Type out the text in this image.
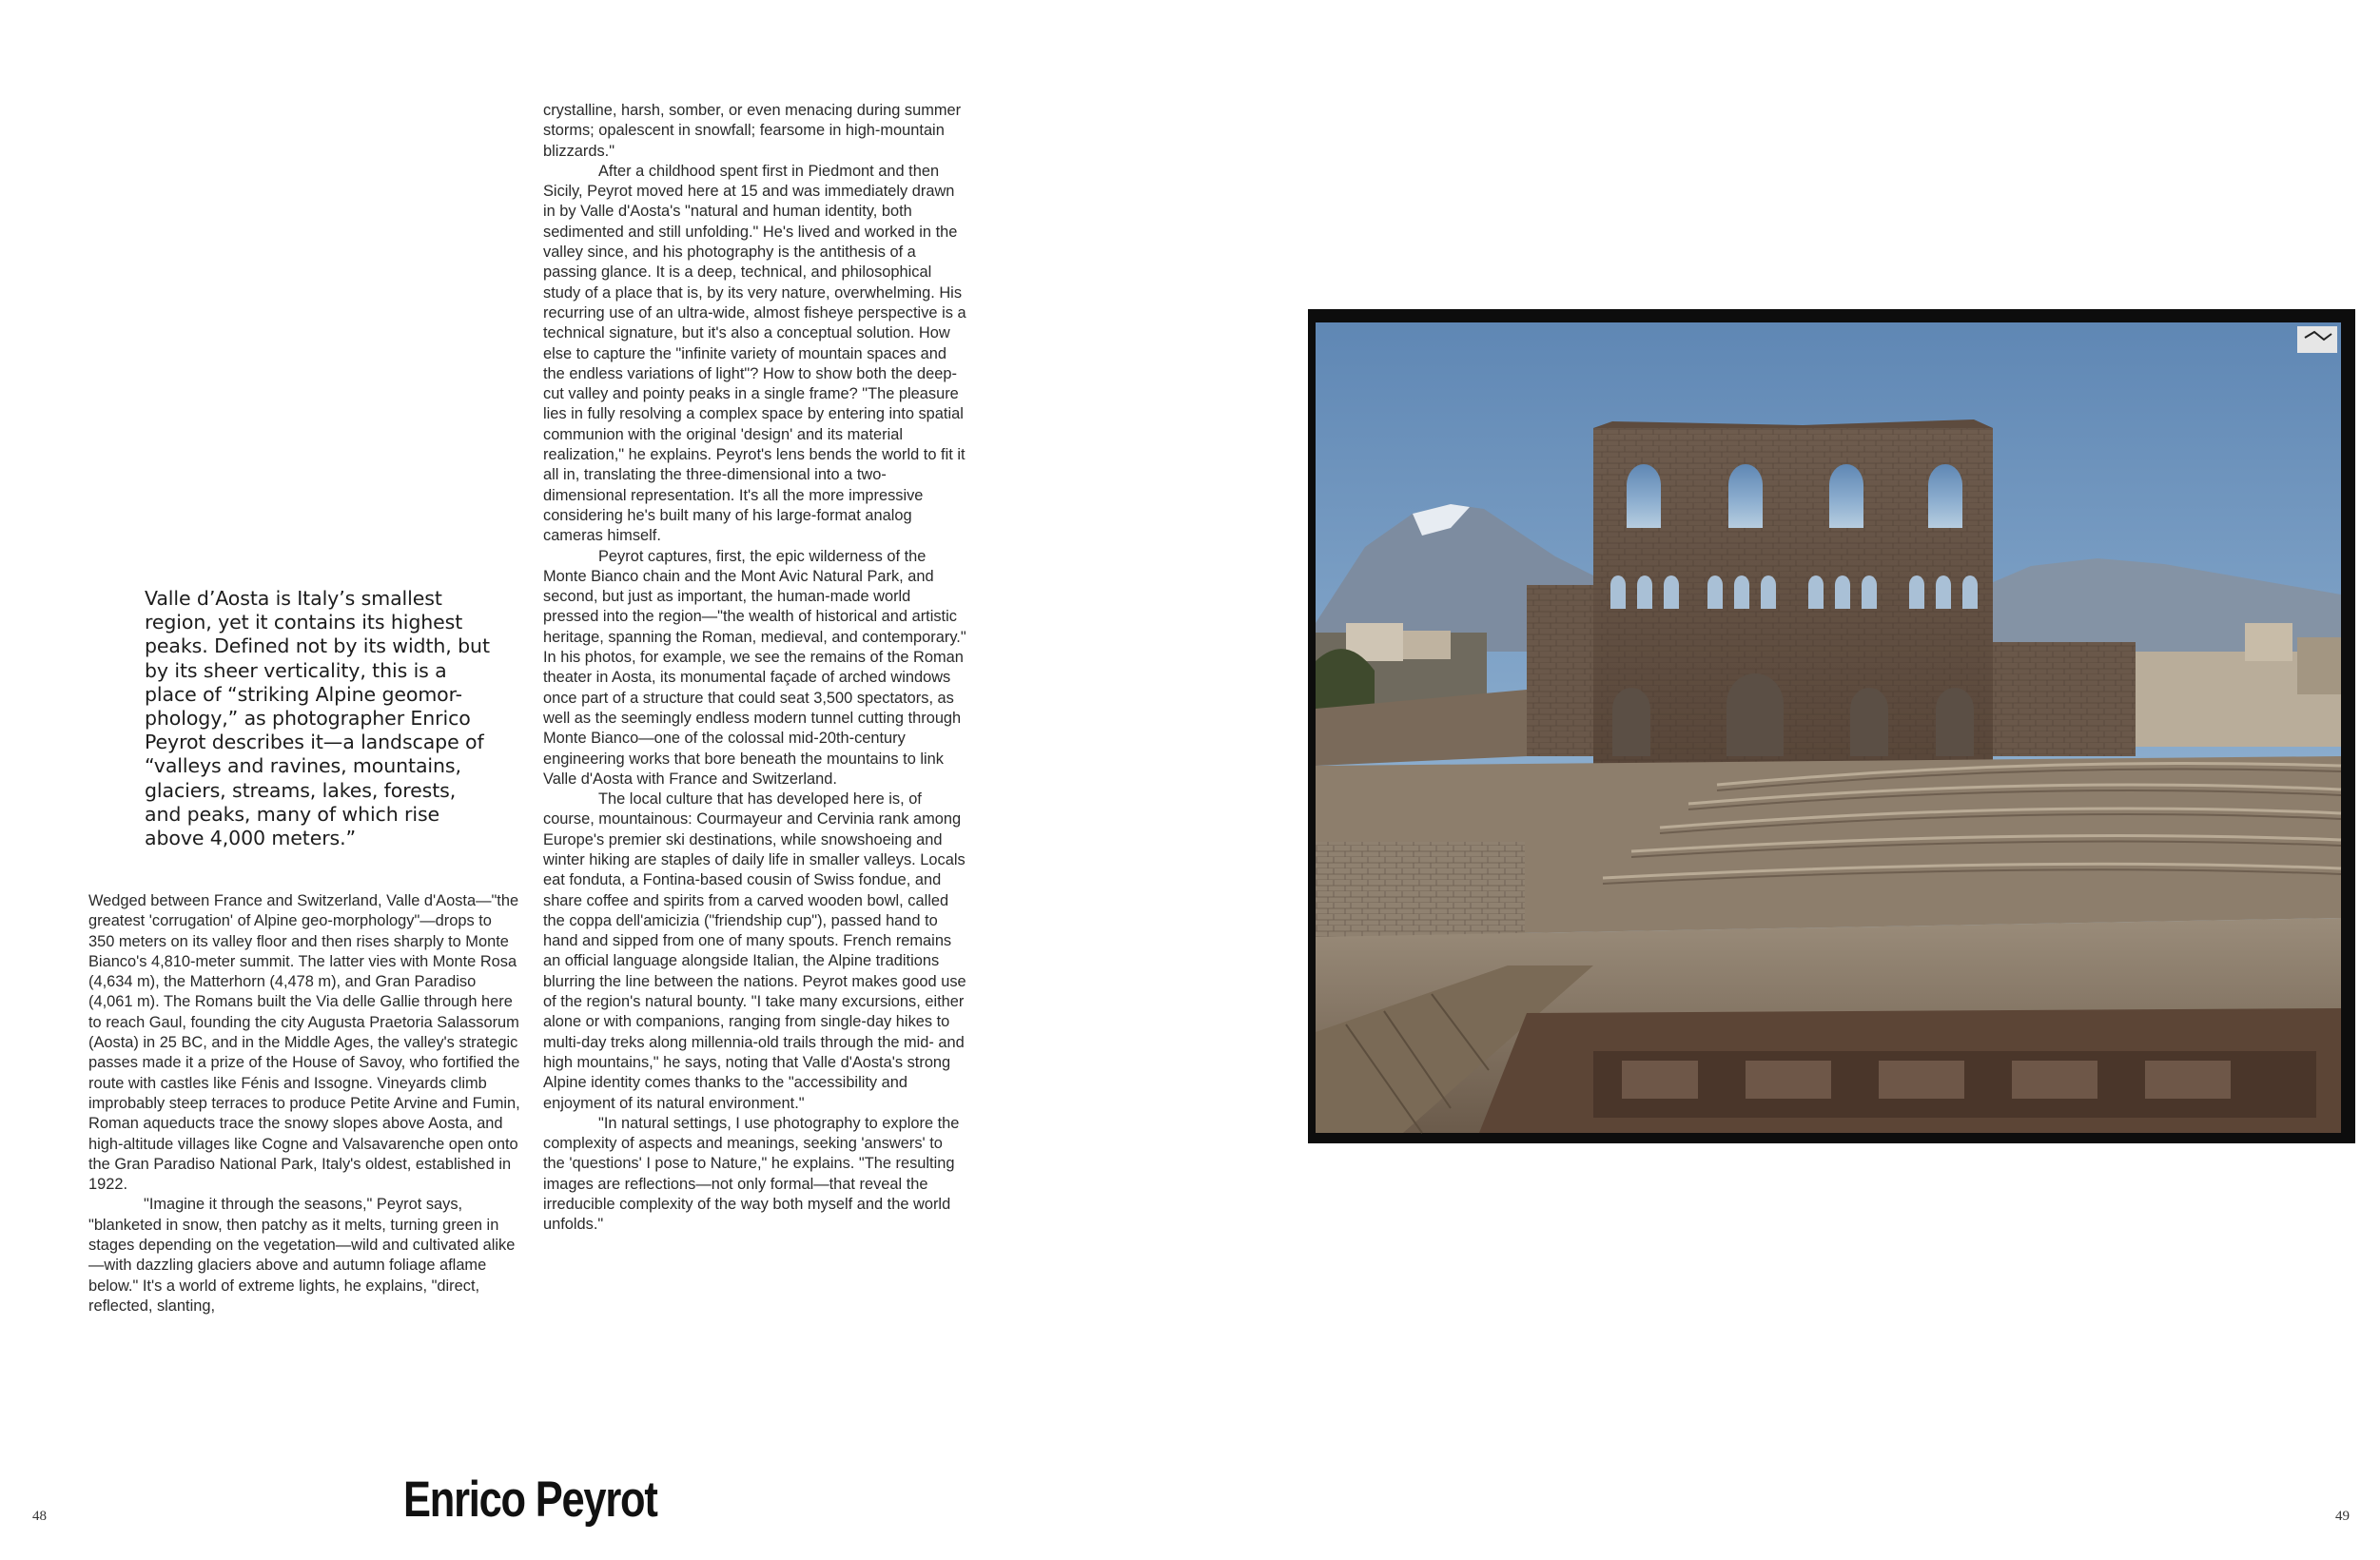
Valle d’Aosta is Italy’s smallest region, yet it contains its highest peaks. Defined not by its width, but by its sheer verticality, this is a place of “striking Alpine geomor-phology,” as photographer Enrico Peyrot describes it—a landscape of “valleys and ravines, mountains, glaciers, streams, lakes, forests, and peaks, many of which rise above 4,000 meters.”

Wedged between France and Switzerland, Valle d'Aosta—"the greatest 'corrugation' of Alpine geo-morphology"—drops to 350 meters on its valley floor and then rises sharply to Monte Bianco's 4,810-meter summit. The latter vies with Monte Rosa (4,634 m), the Matterhorn (4,478 m), and Gran Paradiso (4,061 m). The Romans built the Via delle Gallie through here to reach Gaul, founding the city Augusta Praetoria Salassorum (Aosta) in 25 BC, and in the Middle Ages, the valley's strategic passes made it a prize of the House of Savoy, who fortified the route with castles like Fénis and Issogne. Vineyards climb improbably steep terraces to produce Petite Arvine and Fumin, Roman aqueducts trace the snowy slopes above Aosta, and high-altitude villages like Cogne and Valsavarenche open onto the Gran Paradiso National Park, Italy's oldest, established in 1922.

"Imagine it through the seasons," Peyrot says, "blanketed in snow, then patchy as it melts, turning green in stages depending on the vegetation—wild and cultivated alike—with dazzling glaciers above and autumn foliage aflame below." It's a world of extreme lights, he explains, "direct, reflected, slanting,

crystalline, harsh, somber, or even menacing during summer storms; opalescent in snowfall; fearsome in high-mountain blizzards."

After a childhood spent first in Piedmont and then Sicily, Peyrot moved here at 15 and was immediately drawn in by Valle d'Aosta's "natural and human identity, both sedimented and still unfolding." He's lived and worked in the valley since, and his photography is the antithesis of a passing glance. It is a deep, technical, and philosophical study of a place that is, by its very nature, overwhelming. His recurring use of an ultra-wide, almost fisheye perspective is a technical signature, but it's also a conceptual solution. How else to capture the "infinite variety of mountain spaces and the endless variations of light"? How to show both the deep-cut valley and pointy peaks in a single frame? "The pleasure lies in fully resolving a complex space by entering into spatial communion with the original 'design' and its material realization," he explains. Peyrot's lens bends the world to fit it all in, translating the three-dimensional into a two-dimensional representation. It's all the more impressive considering he's built many of his large-format analog cameras himself.

Peyrot captures, first, the epic wilderness of the Monte Bianco chain and the Mont Avic Natural Park, and second, but just as important, the human-made world pressed into the region—"the wealth of historical and artistic heritage, spanning the Roman, medieval, and contemporary." In his photos, for example, we see the remains of the Roman theater in Aosta, its monumental façade of arched windows once part of a structure that could seat 3,500 spectators, as well as the seemingly endless modern tunnel cutting through Monte Bianco—one of the colossal mid-20th-century engineering works that bore beneath the mountains to link Valle d'Aosta with France and Switzerland.

The local culture that has developed here is, of course, mountainous: Courmayeur and Cervinia rank among Europe's premier ski destinations, while snowshoeing and winter hiking are staples of daily life in smaller valleys. Locals eat fonduta, a Fontina-based cousin of Swiss fondue, and share coffee and spirits from a carved wooden bowl, called the coppa dell'amicizia ("friendship cup"), passed hand to hand and sipped from one of many spouts. French remains an official language alongside Italian, the Alpine traditions blurring the line between the nations. Peyrot makes good use of the region's natural bounty. "I take many excursions, either alone or with companions, ranging from single-day hikes to multi-day treks along millennia-old trails through the mid- and high mountains," he says, noting that Valle d'Aosta's strong Alpine identity comes thanks to the "accessibility and enjoyment of its natural environment."

"In natural settings, I use photography to explore the complexity of aspects and meanings, seeking 'answers' to the 'questions' I pose to Nature," he explains. "The resulting images are reflections—not only formal—that reveal the irreducible complexity of the way both myself and the world unfolds."

48	Enrico Peyrot	49
